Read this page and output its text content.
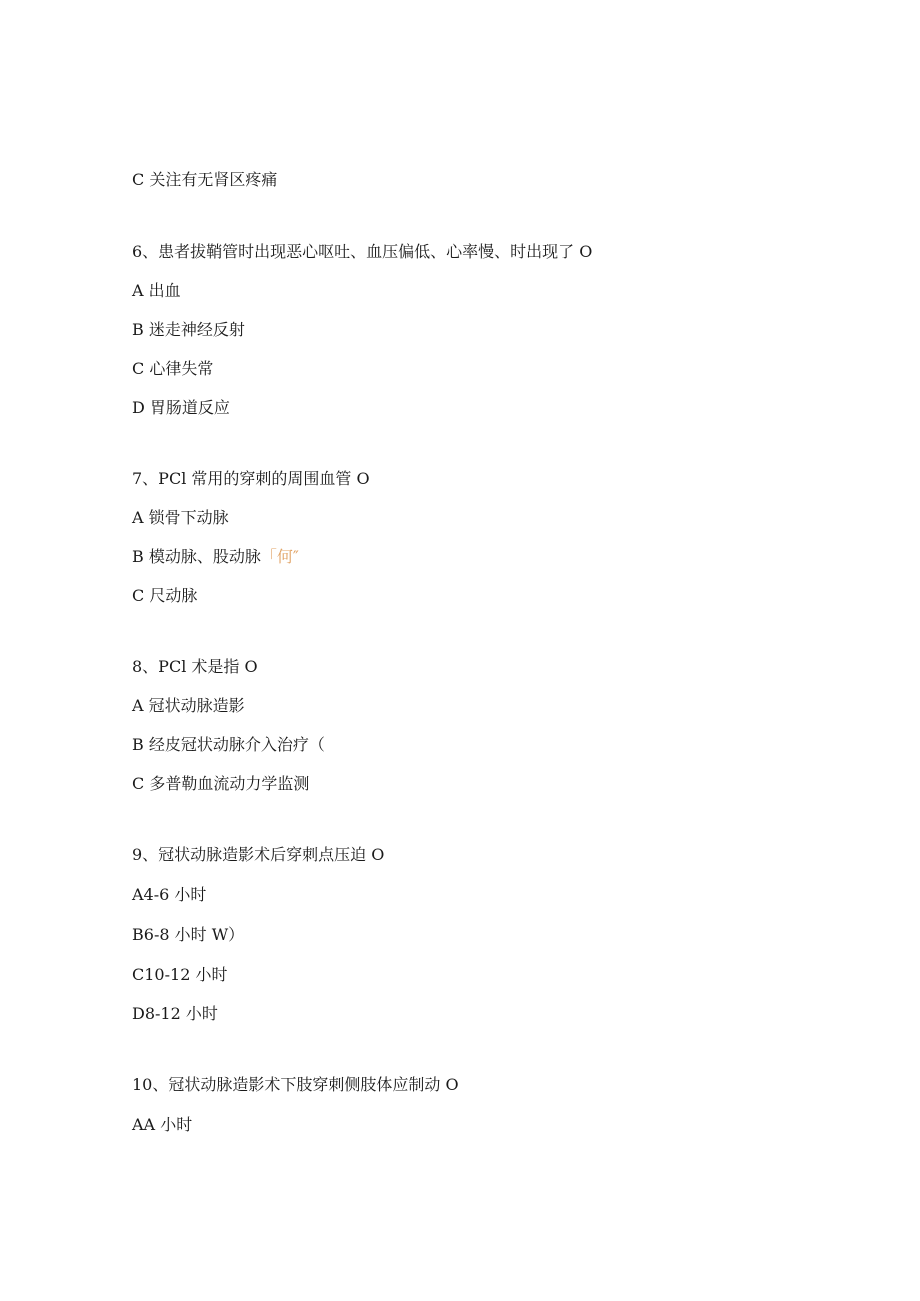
C 关注有无肾区疼痛

6、患者拔鞘管时出现恶心呕吐、血压偏低、心率慢、时出现了 O

A 出血

B 迷走神经反射

C 心律失常

D 胃肠道反应

7、PCl 常用的穿刺的周围血管 O

A 锁骨下动脉

B 模动脉、股动脉「何″

C 尺动脉

8、PCl 术是指 O

A 冠状动脉造影

B 经皮冠状动脉介入治疗（

C 多普勒血流动力学监测

9、冠状动脉造影术后穿刺点压迫 O

A4-6 小时

B6-8 小时 W）

C10-12 小时

D8-12 小时

10、冠状动脉造影术下肢穿刺侧肢体应制动 O

AA 小时
